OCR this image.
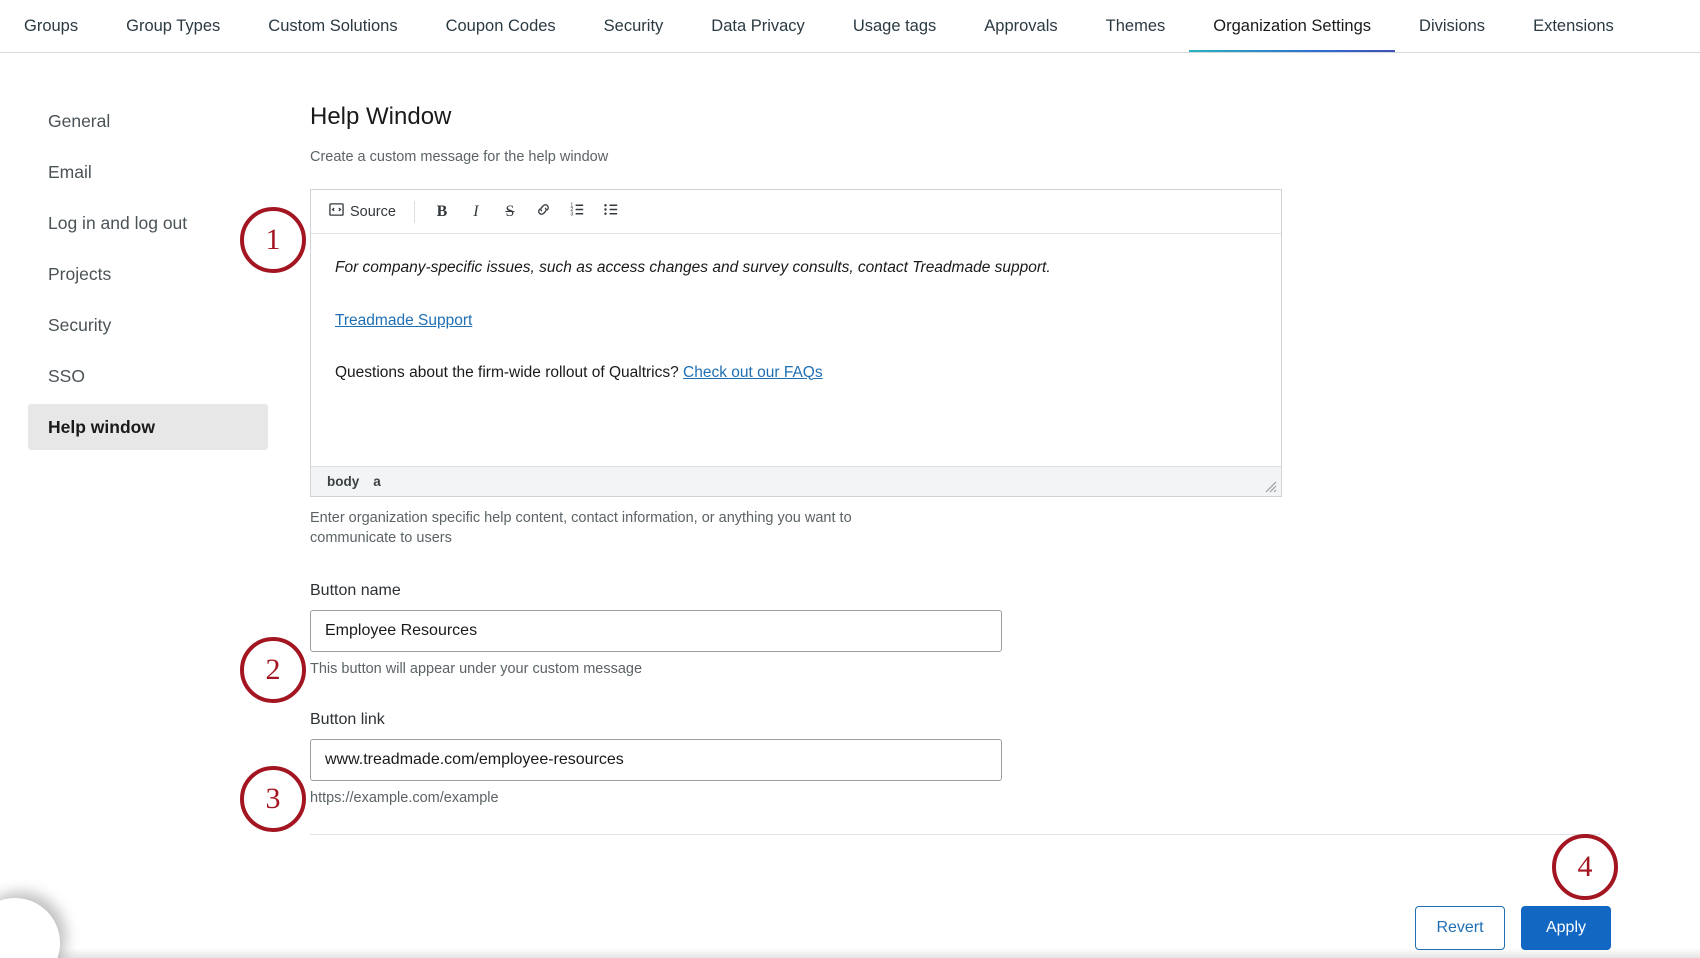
Groups	Group Types	Custom Solutions	Coupon Codes	Security	Data Privacy	Usage tags	Approvals	Themes	Organization Settings	Divisions	Extensions
General
Email
Log in and log out
Projects
Security
SSO
Help window
Help Window
Create a custom message for the help window
Source	B	I	S	1
2
3

For company-specific issues, such as access changes and survey consults, contact Treadmade support.

Treadmade Support

Questions about the firm-wide rollout of Qualtrics? Check out our FAQs

body a
Enter organization specific help content, contact information, or anything you want to communicate to users
Button name
Employee Resources
This button will appear under your custom message
Button link
www.treadmade.com/employee-resources
https://example.com/example
Revert	Apply
1
2
3
4
